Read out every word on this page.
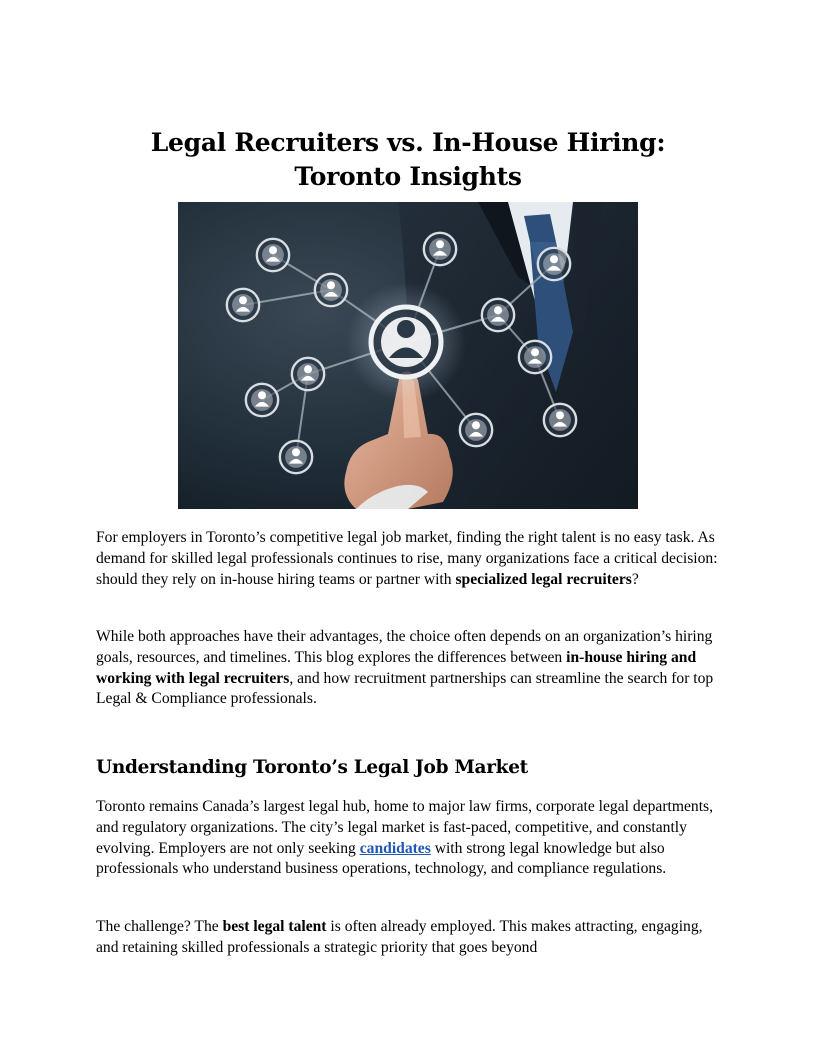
Legal Recruiters vs. In-House Hiring:
Toronto Insights

For employers in Toronto’s competitive legal job market, finding the right talent is no easy task. As demand for skilled legal professionals continues to rise, many organizations face a critical decision: should they rely on in-house hiring teams or partner with specialized legal recruiters?

While both approaches have their advantages, the choice often depends on an organization’s hiring goals, resources, and timelines. This blog explores the differences between in-house hiring and working with legal recruiters, and how recruitment partnerships can streamline the search for top Legal & Compliance professionals.

Understanding Toronto’s Legal Job Market

Toronto remains Canada’s largest legal hub, home to major law firms, corporate legal departments, and regulatory organizations. The city’s legal market is fast-paced, competitive, and constantly evolving. Employers are not only seeking candidates with strong legal knowledge but also professionals who understand business operations, technology, and compliance regulations.

The challenge? The best legal talent is often already employed. This makes attracting, engaging, and retaining skilled professionals a strategic priority that goes beyond
